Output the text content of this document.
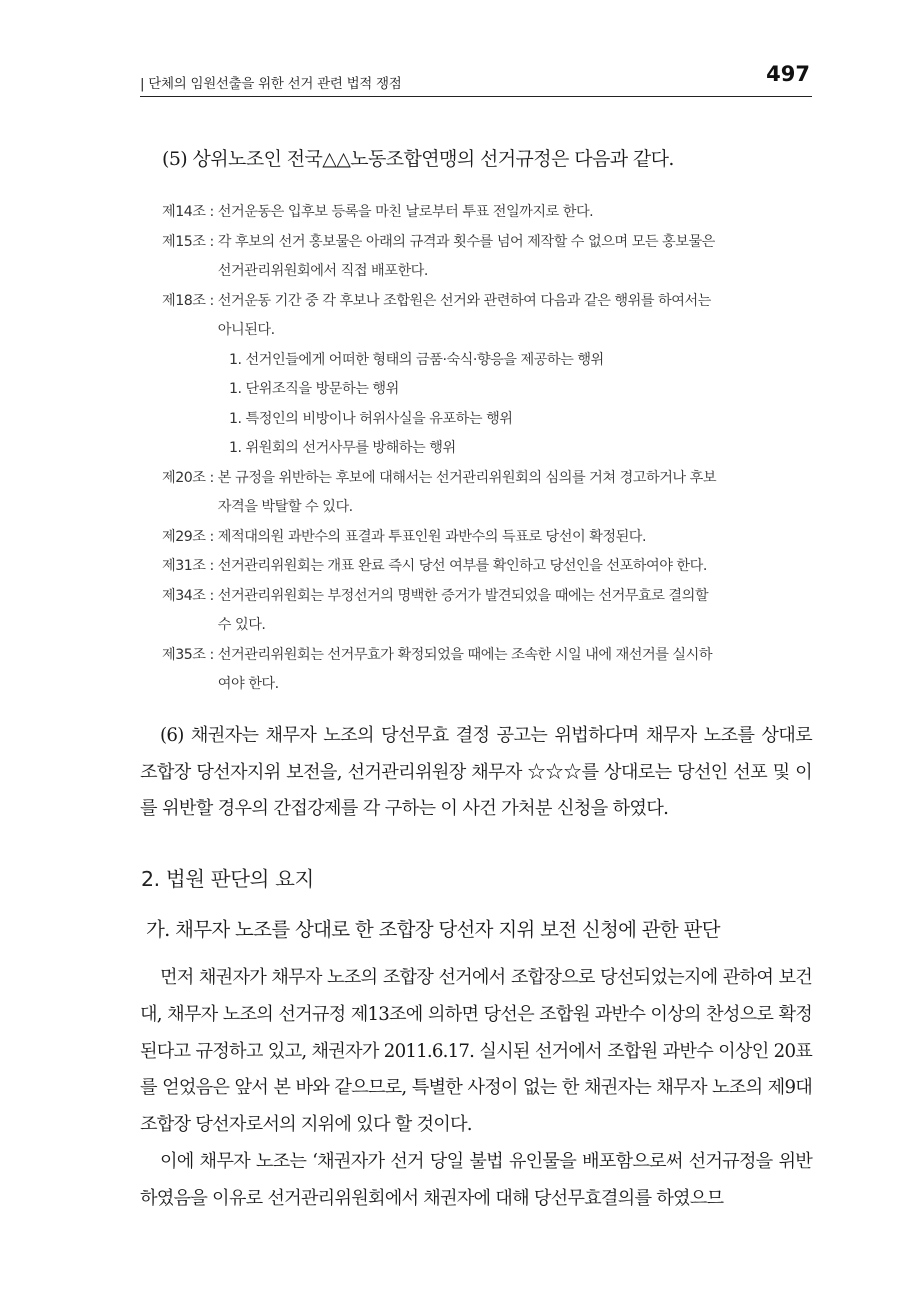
| 단체의 임원선출을 위한 선거 관련 법적 쟁점	497
(5) 상위노조인 전국△△노동조합연맹의 선거규정은 다음과 같다.
제14조 : 선거운동은 입후보 등록을 마친 날로부터 투표 전일까지로 한다.
제15조 : 각 후보의 선거 홍보물은 아래의 규격과 횟수를 넘어 제작할 수 없으며 모든 홍보물은
선거관리위원회에서 직접 배포한다.
제18조 : 선거운동 기간 중 각 후보나 조합원은 선거와 관련하여 다음과 같은 행위를 하여서는
아니된다.
1. 선거인들에게 어떠한 형태의 금품·숙식·향응을 제공하는 행위
1. 단위조직을 방문하는 행위
1. 특정인의 비방이나 허위사실을 유포하는 행위
1. 위원회의 선거사무를 방해하는 행위
제20조 : 본 규정을 위반하는 후보에 대해서는 선거관리위원회의 심의를 거쳐 경고하거나 후보
자격을 박탈할 수 있다.
제29조 : 제적대의원 과반수의 표결과 투표인원 과반수의 득표로 당선이 확정된다.
제31조 : 선거관리위원회는 개표 완료 즉시 당선 여부를 확인하고 당선인을 선포하여야 한다.
제34조 : 선거관리위원회는 부정선거의 명백한 증거가 발견되었을 때에는 선거무효로 결의할
수 있다.
제35조 : 선거관리위원회는 선거무효가 확정되었을 때에는 조속한 시일 내에 재선거를 실시하
여야 한다.
(6) 채권자는 채무자 노조의 당선무효 결정 공고는 위법하다며 채무자 노조를 상대로 조합장 당선자지위 보전을, 선거관리위원장 채무자 ☆☆☆를 상대로는 당선인 선포 및 이를 위반할 경우의 간접강제를 각 구하는 이 사건 가처분 신청을 하였다.
2. 법원 판단의 요지
가. 채무자 노조를 상대로 한 조합장 당선자 지위 보전 신청에 관한 판단

먼저 채권자가 채무자 노조의 조합장 선거에서 조합장으로 당선되었는지에 관하여 보건대, 채무자 노조의 선거규정 제13조에 의하면 당선은 조합원 과반수 이상의 찬성으로 확정된다고 규정하고 있고, 채권자가 2011.6.17. 실시된 선거에서 조합원 과반수 이상인 20표를 얻었음은 앞서 본 바와 같으므로, 특별한 사정이 없는 한 채권자는 채무자 노조의 제9대 조합장 당선자로서의 지위에 있다 할 것이다.

이에 채무자 노조는 ‘채권자가 선거 당일 불법 유인물을 배포함으로써 선거규정을 위반하였음을 이유로 선거관리위원회에서 채권자에 대해 당선무효결의를 하였으므
